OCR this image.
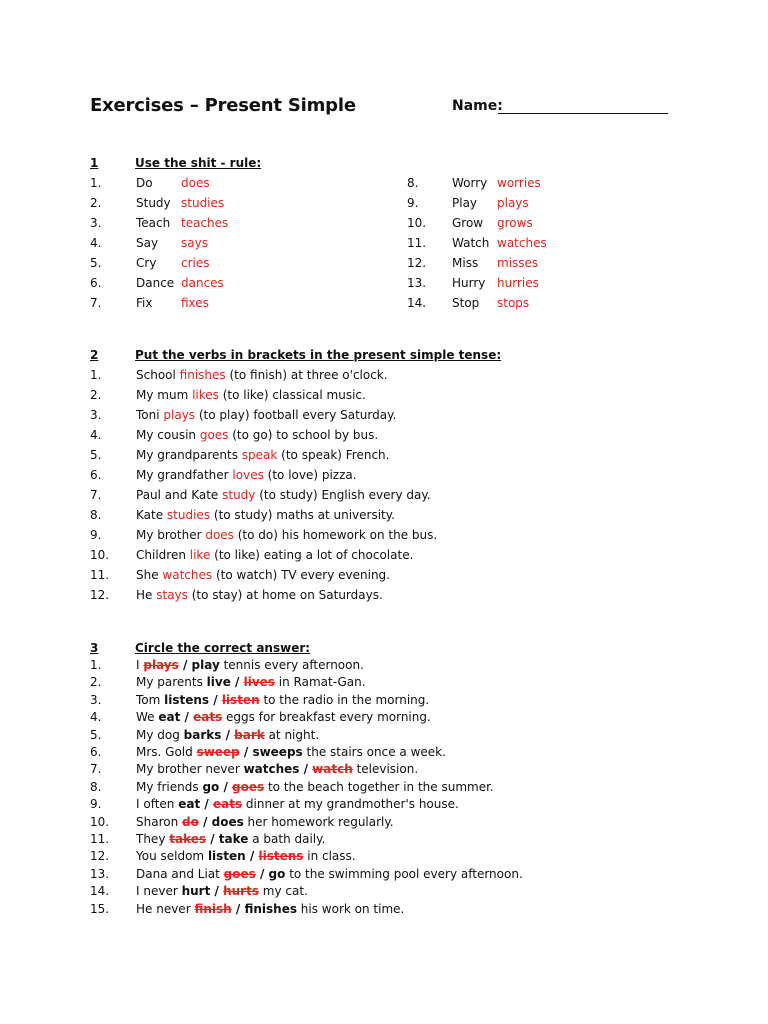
Exercises – Present Simple	Name:
1	Use the shit - rule:
1.	Do does
2.	Study studies
3.	Teach teaches
4.	Say says
5.	Cry cries
6.	Dance dances
7.	Fix fixes
8.	Worry worries
9.	Play plays
10. Grow grows
11. Watch watches
12. Miss misses
13. Hurry hurries
14. Stop stops
2	Put the verbs in brackets in the present simple tense:
1.	School finishes (to finish) at three o'clock.
2.	My mum likes (to like) classical music.
3.	Toni plays (to play) football every Saturday.
4.	My cousin goes (to go) to school by bus.
5.	My grandparents speak (to speak) French.
6.	My grandfather loves (to love) pizza.
7.	Paul and Kate study (to study) English every day.
8.	Kate studies (to study) maths at university.
9.	My brother does (to do) his homework on the bus.
10. Children like (to like) eating a lot of chocolate.
11. She watches (to watch) TV every evening.
12. He stays (to stay) at home on Saturdays.
3	Circle the correct answer:
1.	I plays / play tennis every afternoon.
2.	My parents live / lives in Ramat-Gan.
3.	Tom listens / listen to the radio in the morning.
4.	We eat / eats eggs for breakfast every morning.
5.	My dog barks / bark at night.
6.	Mrs. Gold sweep / sweeps the stairs once a week.
7.	My brother never watches / watch television.
8.	My friends go / goes to the beach together in the summer.
9.	I often eat / eats dinner at my grandmother's house.
10. Sharon do / does her homework regularly.
11. They takes / take a bath daily.
12. You seldom listen / listens in class.
13. Dana and Liat goes / go to the swimming pool every afternoon.
14. I never hurt / hurts my cat.
15. He never finish / finishes his work on time.
